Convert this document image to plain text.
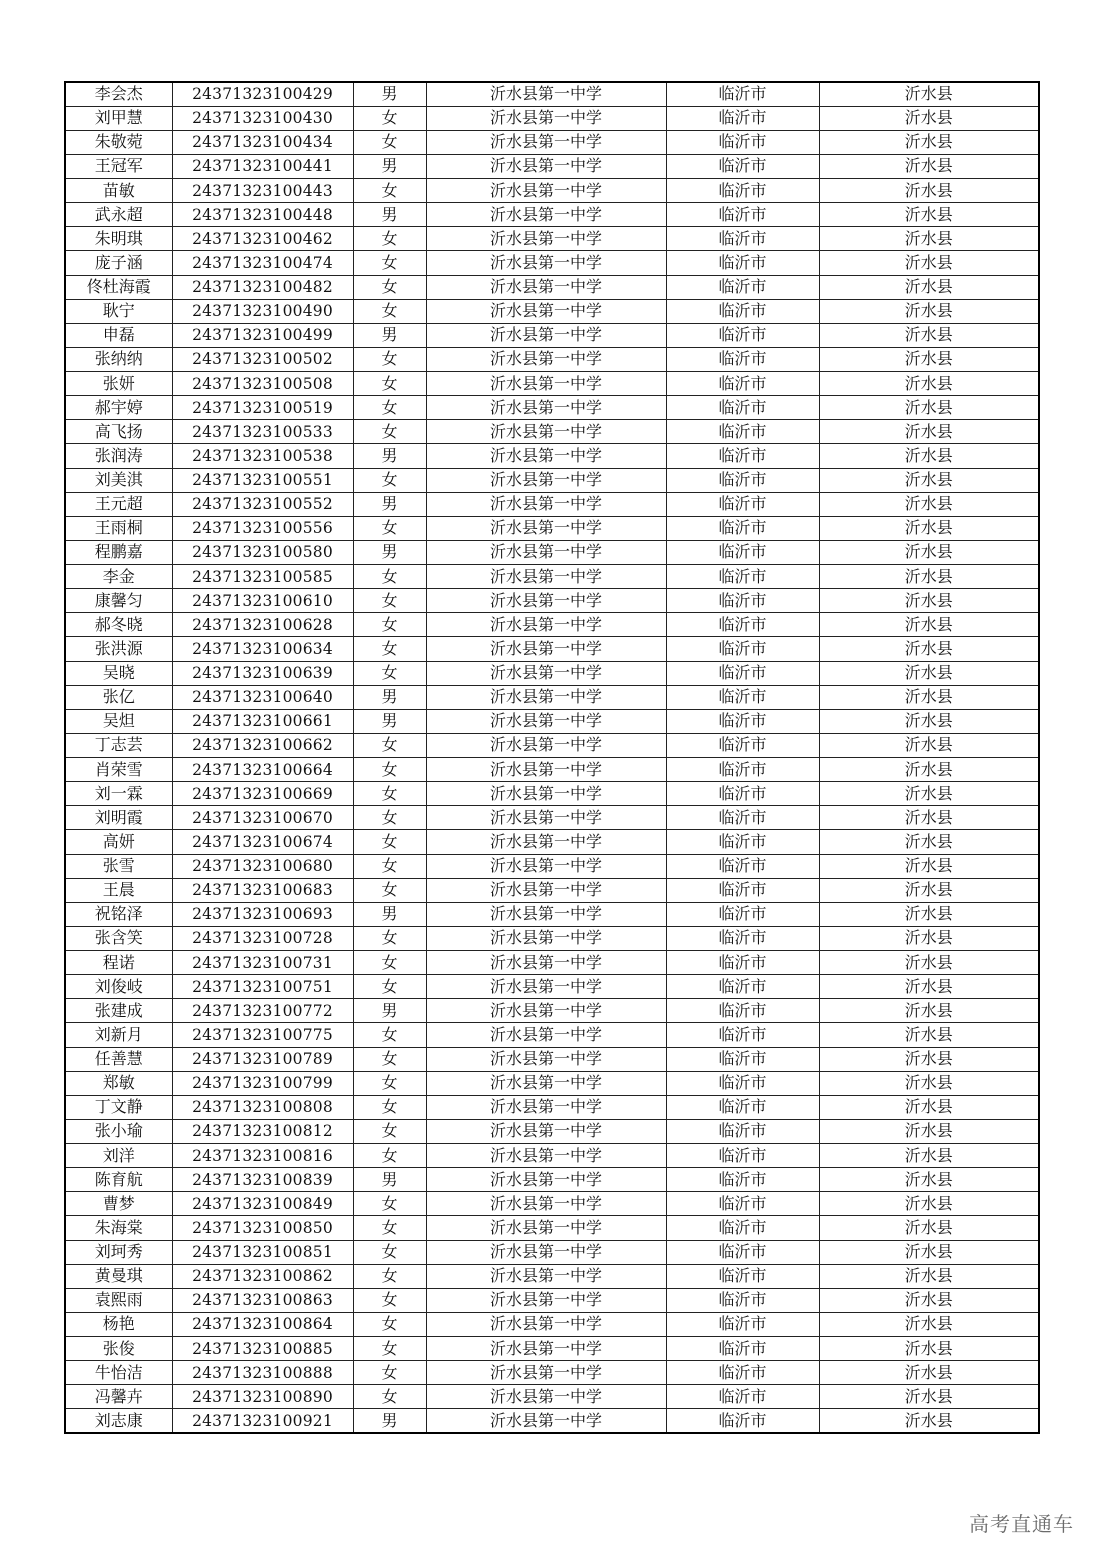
李会杰	24371323100429	男	沂水县第一中学	临沂市	沂水县
刘甲慧	24371323100430	女	沂水县第一中学	临沂市	沂水县
朱敬菀	24371323100434	女	沂水县第一中学	临沂市	沂水县
王冠军	24371323100441	男	沂水县第一中学	临沂市	沂水县
苗敏	24371323100443	女	沂水县第一中学	临沂市	沂水县
武永超	24371323100448	男	沂水县第一中学	临沂市	沂水县
朱明琪	24371323100462	女	沂水县第一中学	临沂市	沂水县
庞子涵	24371323100474	女	沂水县第一中学	临沂市	沂水县
佟杜海霞	24371323100482	女	沂水县第一中学	临沂市	沂水县
耿宁	24371323100490	女	沂水县第一中学	临沂市	沂水县
申磊	24371323100499	男	沂水县第一中学	临沂市	沂水县
张纳纳	24371323100502	女	沂水县第一中学	临沂市	沂水县
张妍	24371323100508	女	沂水县第一中学	临沂市	沂水县
郝宇婷	24371323100519	女	沂水县第一中学	临沂市	沂水县
高飞扬	24371323100533	女	沂水县第一中学	临沂市	沂水县
张润涛	24371323100538	男	沂水县第一中学	临沂市	沂水县
刘美淇	24371323100551	女	沂水县第一中学	临沂市	沂水县
王元超	24371323100552	男	沂水县第一中学	临沂市	沂水县
王雨桐	24371323100556	女	沂水县第一中学	临沂市	沂水县
程鹏嘉	24371323100580	男	沂水县第一中学	临沂市	沂水县
李金	24371323100585	女	沂水县第一中学	临沂市	沂水县
康馨匀	24371323100610	女	沂水县第一中学	临沂市	沂水县
郝冬晓	24371323100628	女	沂水县第一中学	临沂市	沂水县
张洪源	24371323100634	女	沂水县第一中学	临沂市	沂水县
吴晓	24371323100639	女	沂水县第一中学	临沂市	沂水县
张亿	24371323100640	男	沂水县第一中学	临沂市	沂水县
吴炟	24371323100661	男	沂水县第一中学	临沂市	沂水县
丁志芸	24371323100662	女	沂水县第一中学	临沂市	沂水县
肖荣雪	24371323100664	女	沂水县第一中学	临沂市	沂水县
刘一霖	24371323100669	女	沂水县第一中学	临沂市	沂水县
刘明霞	24371323100670	女	沂水县第一中学	临沂市	沂水县
高妍	24371323100674	女	沂水县第一中学	临沂市	沂水县
张雪	24371323100680	女	沂水县第一中学	临沂市	沂水县
王晨	24371323100683	女	沂水县第一中学	临沂市	沂水县
祝铭泽	24371323100693	男	沂水县第一中学	临沂市	沂水县
张含笑	24371323100728	女	沂水县第一中学	临沂市	沂水县
程诺	24371323100731	女	沂水县第一中学	临沂市	沂水县
刘俊岐	24371323100751	女	沂水县第一中学	临沂市	沂水县
张建成	24371323100772	男	沂水县第一中学	临沂市	沂水县
刘新月	24371323100775	女	沂水县第一中学	临沂市	沂水县
任善慧	24371323100789	女	沂水县第一中学	临沂市	沂水县
郑敏	24371323100799	女	沂水县第一中学	临沂市	沂水县
丁文静	24371323100808	女	沂水县第一中学	临沂市	沂水县
张小瑜	24371323100812	女	沂水县第一中学	临沂市	沂水县
刘洋	24371323100816	女	沂水县第一中学	临沂市	沂水县
陈育航	24371323100839	男	沂水县第一中学	临沂市	沂水县
曹梦	24371323100849	女	沂水县第一中学	临沂市	沂水县
朱海棠	24371323100850	女	沂水县第一中学	临沂市	沂水县
刘珂秀	24371323100851	女	沂水县第一中学	临沂市	沂水县
黄曼琪	24371323100862	女	沂水县第一中学	临沂市	沂水县
袁熙雨	24371323100863	女	沂水县第一中学	临沂市	沂水县
杨艳	24371323100864	女	沂水县第一中学	临沂市	沂水县
张俊	24371323100885	女	沂水县第一中学	临沂市	沂水县
牛怡洁	24371323100888	女	沂水县第一中学	临沂市	沂水县
冯馨卉	24371323100890	女	沂水县第一中学	临沂市	沂水县
刘志康	24371323100921	男	沂水县第一中学	临沂市	沂水县
高考直通车
